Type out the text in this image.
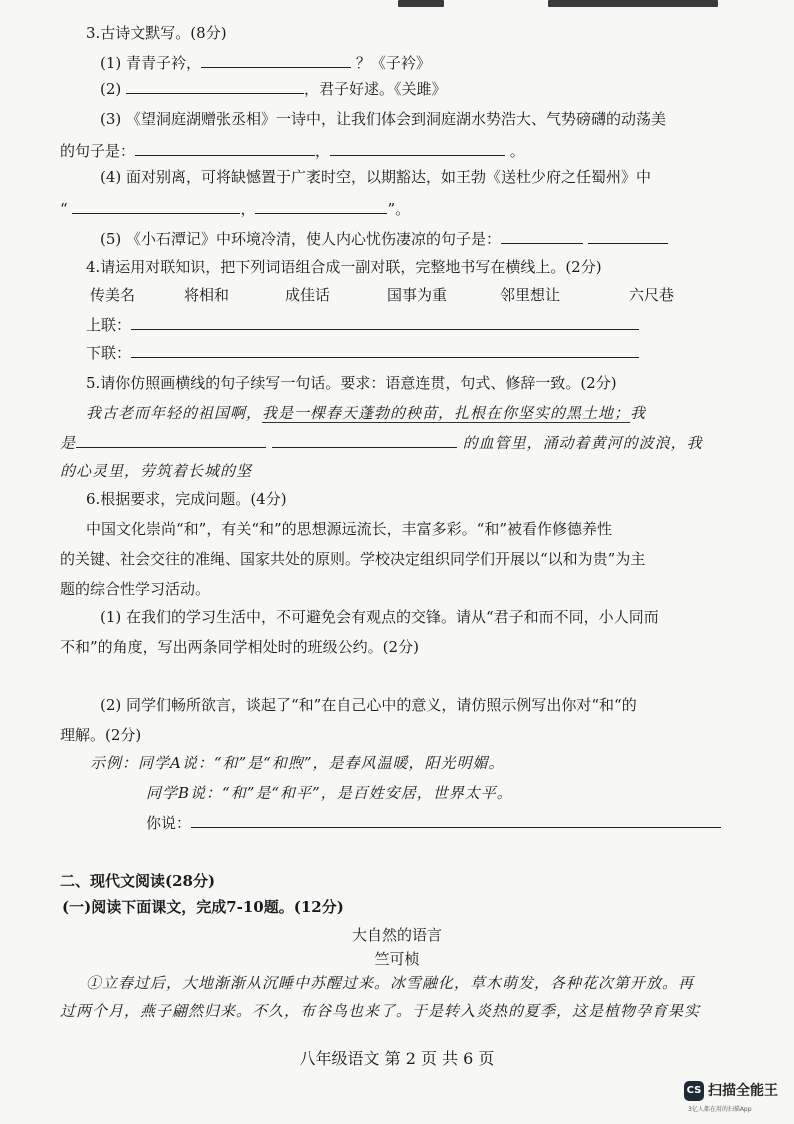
3.古诗文默写。(8分)
(1) 青青子衿，	？《子衿》
(2)	，君子好逑。《关雎》
(3) 《望洞庭湖赠张丞相》一诗中，让我们体会到洞庭湖水势浩大、气势磅礴的动荡美
的句子是：	，	。
(4) 面对别离，可将缺憾置于广袤时空，以期豁达，如王勃《送杜少府之任蜀州》中
“	，	”。
(5) 《小石潭记》中环境冷清，使人内心忧伤凄凉的句子是：
4.请运用对联知识，把下列词语组合成一副对联，完整地书写在横线上。(2分)
传美名	将相和	成佳话	国事为重	邻里想让	六尺巷
上联：
下联：
5.请你仿照画横线的句子续写一句话。要求：语意连贯，句式、修辞一致。(2分)
我古老而年轻的祖国啊，我是一棵春天蓬勃的秧苗，扎根在你坚实的黑土地；我
是	的血管里，涌动着黄河的波浪，我
的心灵里，劳筑着长城的坚
6.根据要求，完成问题。(4分)
中国文化崇尚“和”，有关“和”的思想源远流长，丰富多彩。“和”被看作修德养性
的关键、社会交往的准绳、国家共处的原则。学校决定组织同学们开展以“以和为贵”为主
题的综合性学习活动。
(1) 在我们的学习生活中，不可避免会有观点的交锋。请从“君子和而不同，小人同而
不和”的角度，写出两条同学相处时的班级公约。(2分)
(2) 同学们畅所欲言，谈起了“和”在自己心中的意义，请仿照示例写出你对“和“的
理解。(2分)
示例：同学A说：“和”是“和煦”，是春风温暖，阳光明媚。
同学B说：“和”是“和平”，是百姓安居，世界太平。
你说：
二、现代文阅读(28分)
(一)阅读下面课文，完成7-10题。(12分)
大自然的语言
竺可桢
①立春过后，大地渐渐从沉睡中苏醒过来。冰雪融化，草木萌发，各种花次第开放。再
过两个月，燕子翩然归来。不久，布谷鸟也来了。于是转入炎热的夏季，这是植物孕育果实
八年级语文 第 2 页 共 6 页
CS 扫描全能王
3亿人都在用的扫描App
